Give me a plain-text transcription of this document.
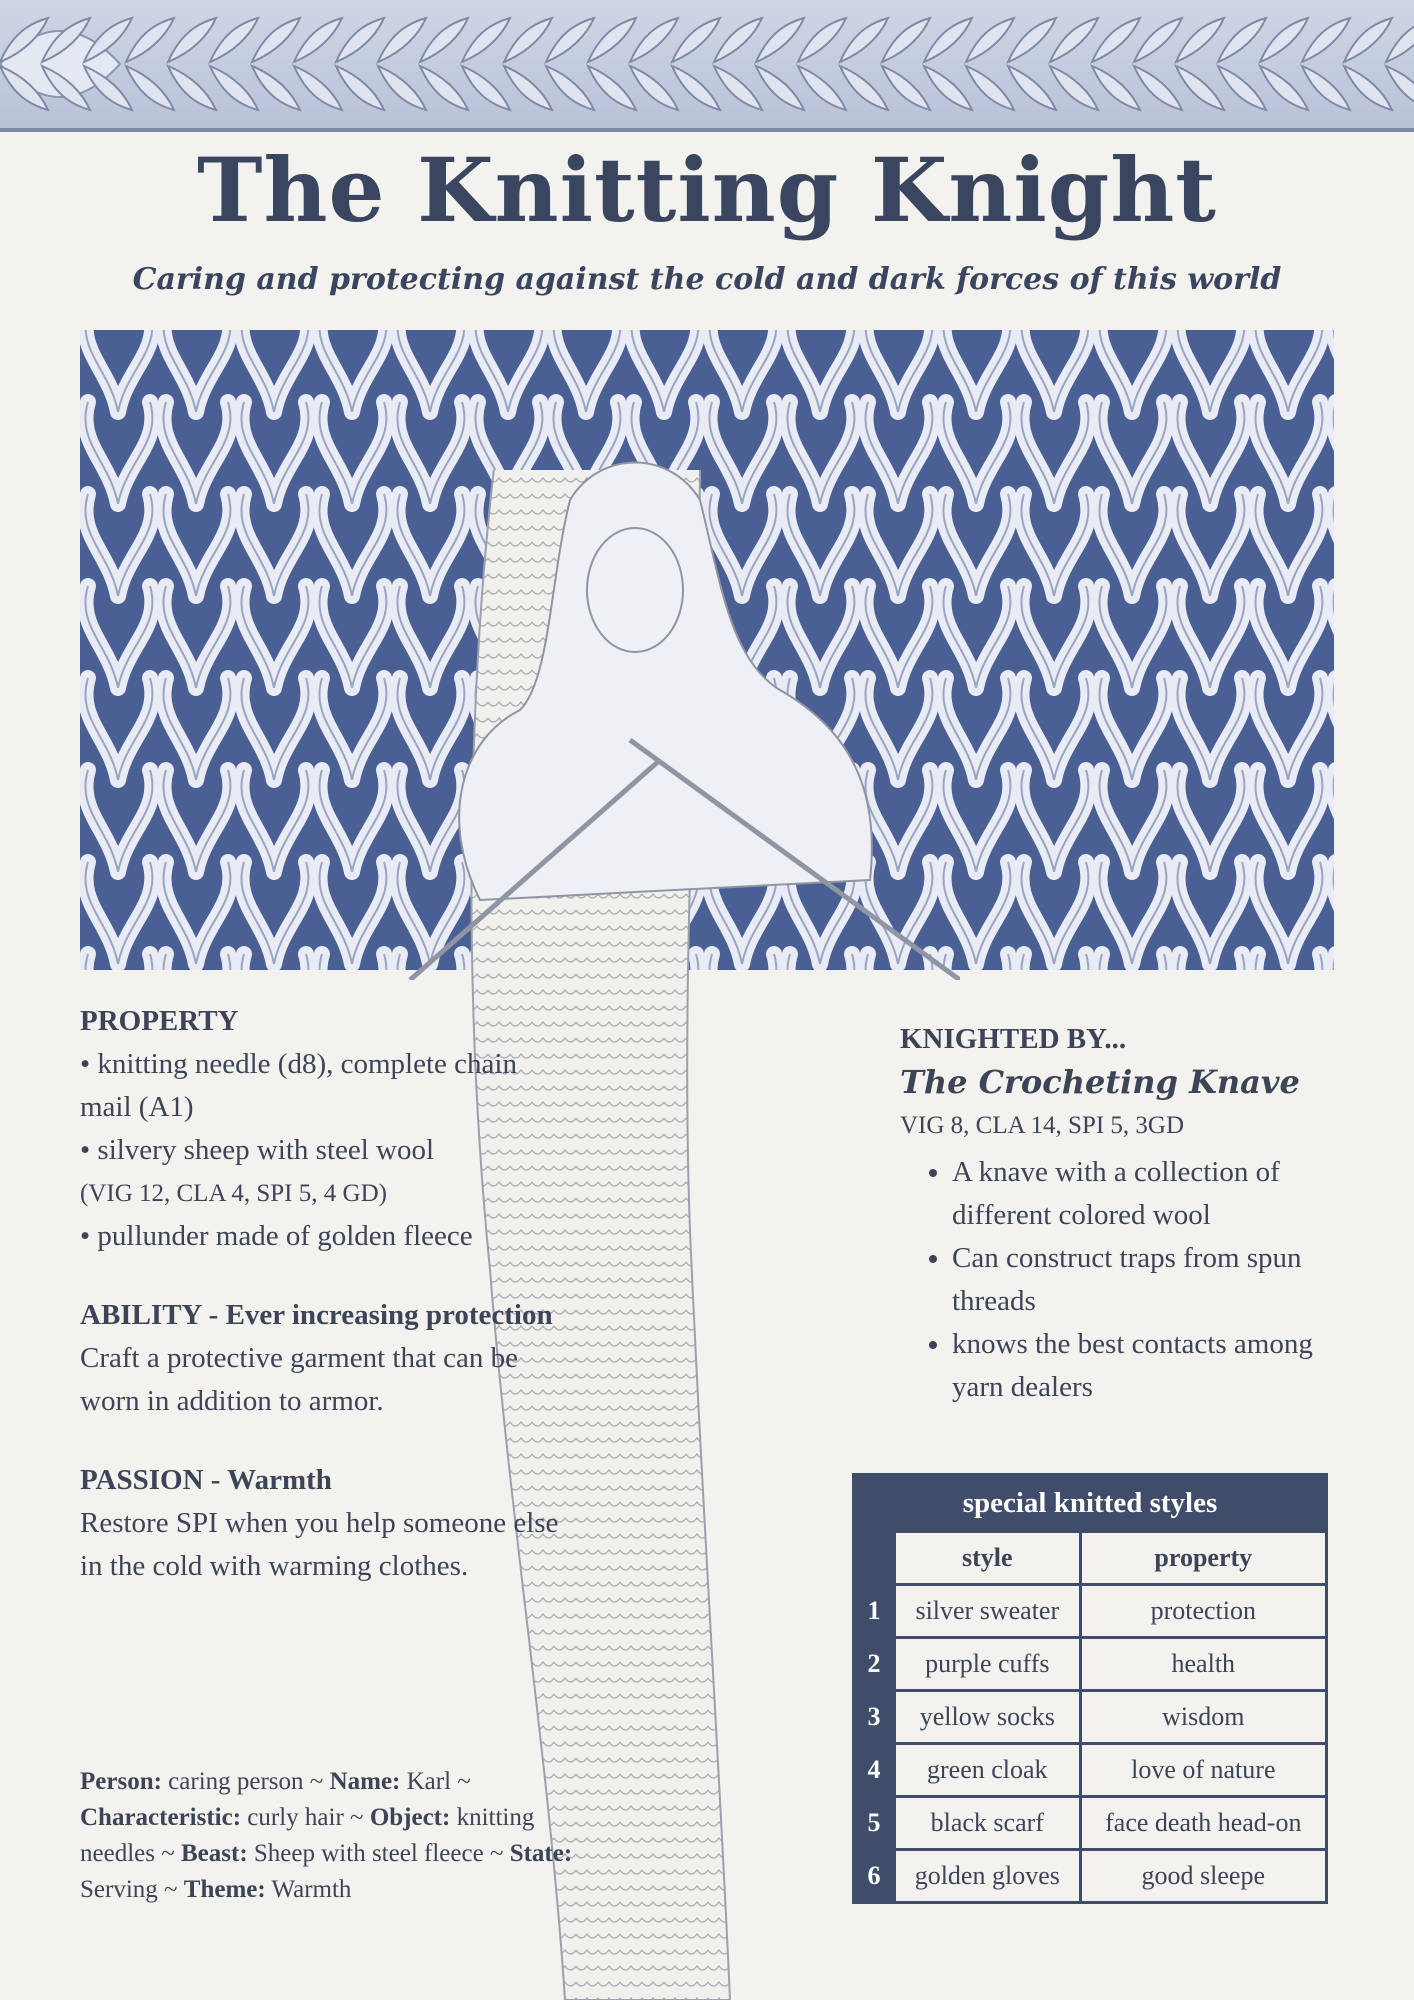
The Knitting Knight
Caring and protecting against the cold and dark forces of this world
PROPERTY
• knitting needle (d8), complete chain mail (A1)
• silvery sheep with steel wool
(VIG 12, CLA 4, SPI 5, 4 GD)
• pullunder made of golden fleece
ABILITY - Ever increasing protection
Craft a protective garment that can be worn in addition to armor.
PASSION - Warmth
Restore SPI when you help someone else in the cold with warming clothes.
Person: caring person ~ Name: Karl ~ Characteristic: curly hair ~ Object: knitting needles ~ Beast: Sheep with steel fleece ~ State: Serving ~ Theme: Warmth
KNIGHTED BY...
The Crocheting Knave
VIG 8, CLA 14, SPI 5, 3GD
• A knave with a collection of different colored wool
• Can construct traps from spun threads
• knows the best contacts among yarn dealers
special knitted styles		
	style	property
1	silver sweater	protection
2	purple cuffs	health
3	yellow socks	wisdom
4	green cloak	love of nature
5	black scarf	face death head-on
6	golden gloves	good sleepe
